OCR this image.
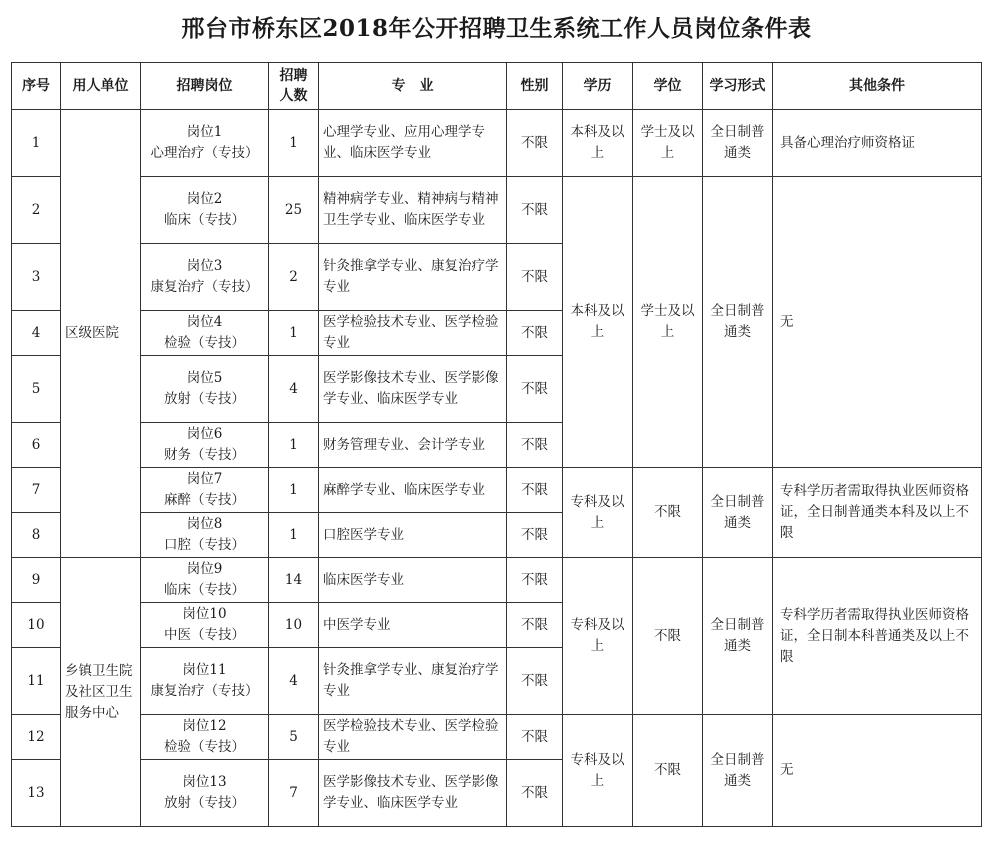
邢台市桥东区2018年公开招聘卫生系统工作人员岗位条件表
序号	用人单位	招聘岗位	招聘人数	专　业	性别	学历	学位	学习形式	其他条件
1	区级医院	岗位1
心理治疗（专技）	1	心理学专业、应用心理学专业、临床医学专业	不限	本科及以上	学士及以上	全日制普通类	具备心理治疗师资格证
2		岗位2
临床（专技）	25	精神病学专业、精神病与精神卫生学专业、临床医学专业	不限	本科及以上	学士及以上	全日制普通类	无
3		岗位3
康复治疗（专技）	2	针灸推拿学专业、康复治疗学专业	不限				
4		岗位4
检验（专技）	1	医学检验技术专业、医学检验专业	不限				
5		岗位5
放射（专技）	4	医学影像技术专业、医学影像学专业、临床医学专业	不限				
6		岗位6
财务（专技）	1	财务管理专业、会计学专业	不限				
7		岗位7
麻醉（专技）	1	麻醉学专业、临床医学专业	不限	专科及以上	不限	全日制普通类	专科学历者需取得执业医师资格证，全日制普通类本科及以上不限
8		岗位8
口腔（专技）	1	口腔医学专业	不限				
9	乡镇卫生院及社区卫生服务中心	岗位9
临床（专技）	14	临床医学专业	不限	专科及以上	不限	全日制普通类	专科学历者需取得执业医师资格证，全日制本科普通类及以上不限
10		岗位10
中医（专技）	10	中医学专业	不限				
11		岗位11
康复治疗（专技）	4	针灸推拿学专业、康复治疗学专业	不限				
12		岗位12
检验（专技）	5	医学检验技术专业、医学检验专业	不限	专科及以上	不限	全日制普通类	无
13		岗位13
放射（专技）	7	医学影像技术专业、医学影像学专业、临床医学专业	不限				
